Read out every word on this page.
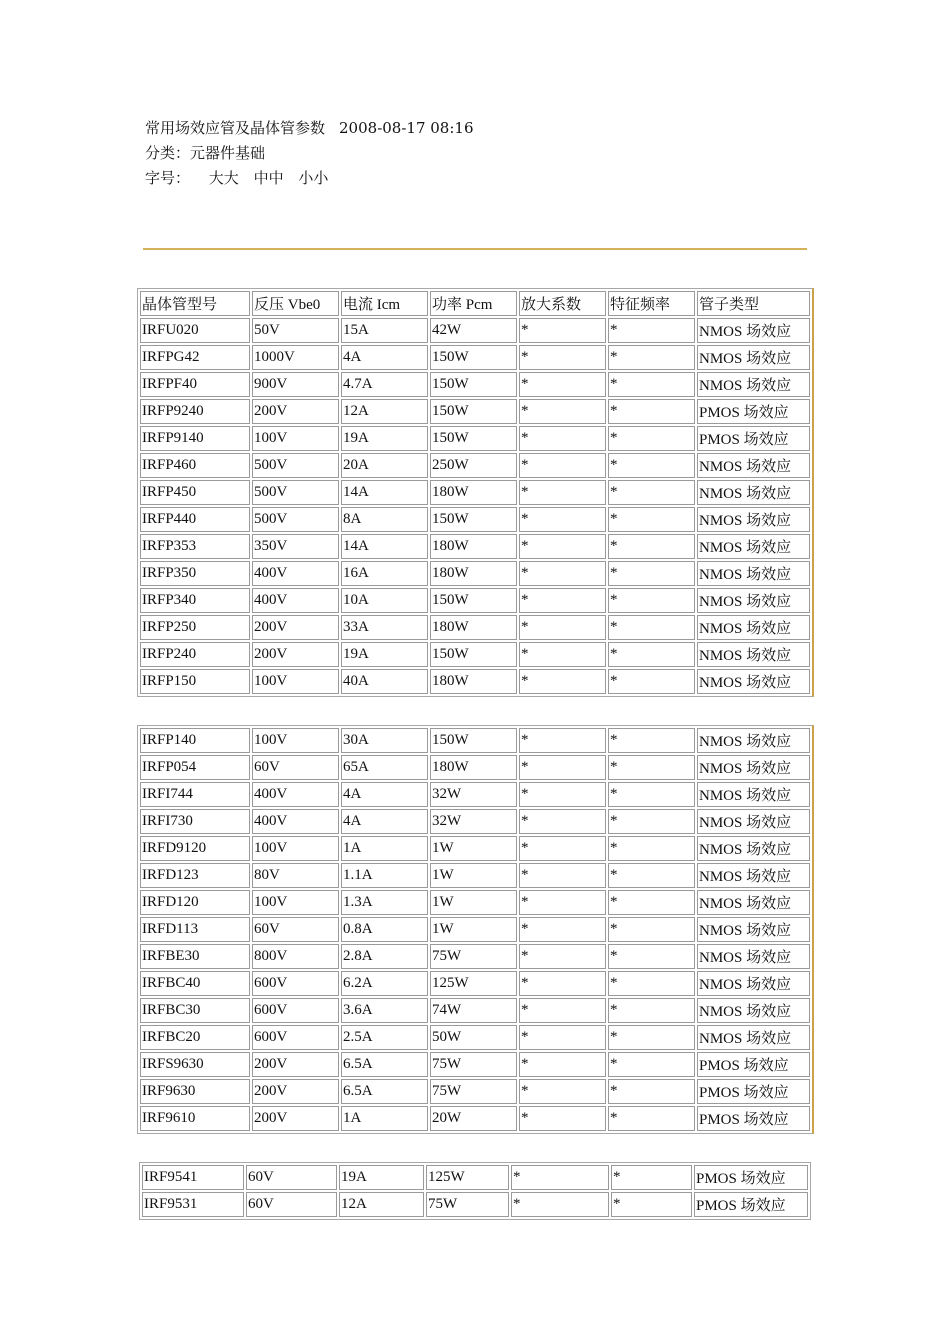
常用场效应管及晶体管参数 2008-08-17 08:16
分类：元器件基础
字号： 大大 中中 小小
晶体管型号	反压 Vbe0	电流 Icm	功率 Pcm	放大系数	特征频率	管子类型
IRFU020	50V	15A	42W	*	*	NMOS 场效应
IRFPG42	1000V	4A	150W	*	*	NMOS 场效应
IRFPF40	900V	4.7A	150W	*	*	NMOS 场效应
IRFP9240	200V	12A	150W	*	*	PMOS 场效应
IRFP9140	100V	19A	150W	*	*	PMOS 场效应
IRFP460	500V	20A	250W	*	*	NMOS 场效应
IRFP450	500V	14A	180W	*	*	NMOS 场效应
IRFP440	500V	8A	150W	*	*	NMOS 场效应
IRFP353	350V	14A	180W	*	*	NMOS 场效应
IRFP350	400V	16A	180W	*	*	NMOS 场效应
IRFP340	400V	10A	150W	*	*	NMOS 场效应
IRFP250	200V	33A	180W	*	*	NMOS 场效应
IRFP240	200V	19A	150W	*	*	NMOS 场效应
IRFP150	100V	40A	180W	*	*	NMOS 场效应
IRFP140	100V	30A	150W	*	*	NMOS 场效应
IRFP054	60V	65A	180W	*	*	NMOS 场效应
IRFI744	400V	4A	32W	*	*	NMOS 场效应
IRFI730	400V	4A	32W	*	*	NMOS 场效应
IRFD9120	100V	1A	1W	*	*	NMOS 场效应
IRFD123	80V	1.1A	1W	*	*	NMOS 场效应
IRFD120	100V	1.3A	1W	*	*	NMOS 场效应
IRFD113	60V	0.8A	1W	*	*	NMOS 场效应
IRFBE30	800V	2.8A	75W	*	*	NMOS 场效应
IRFBC40	600V	6.2A	125W	*	*	NMOS 场效应
IRFBC30	600V	3.6A	74W	*	*	NMOS 场效应
IRFBC20	600V	2.5A	50W	*	*	NMOS 场效应
IRFS9630	200V	6.5A	75W	*	*	PMOS 场效应
IRF9630	200V	6.5A	75W	*	*	PMOS 场效应
IRF9610	200V	1A	20W	*	*	PMOS 场效应
IRF9541	60V	19A	125W	*	*	PMOS 场效应
IRF9531	60V	12A	75W	*	*	PMOS 场效应
